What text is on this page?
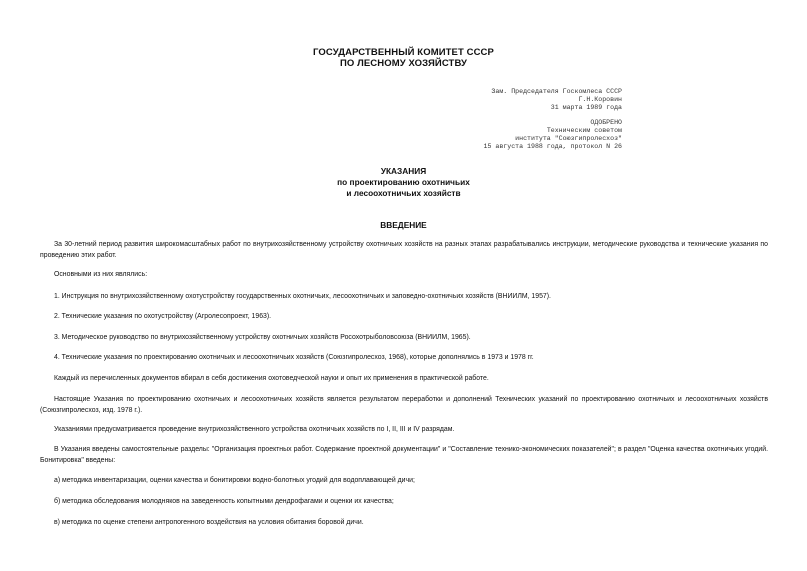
ГОСУДАРСТВЕННЫЙ КОМИТЕТ СССР
ПО ЛЕСНОМУ ХОЗЯЙСТВУ
Зам. Председателя Госкомлеса СССР
Г.Н.Коровин
31 марта 1989 года
ОДОБРЕНО
Техническим советом
института "Союзгипролесхоз"
15 августа 1988 года, протокол N 26
УКАЗАНИЯ
по проектированию охотничьих
и лесоохотничьих хозяйств
ВВЕДЕНИЕ
За 30-летний период развития широкомасштабных работ по внутрихозяйственному устройству охотничьих хозяйств на разных этапах разрабатывались инструкции, методические руководства и технические указания по проведению этих работ.
Основными из них являлись:
1. Инструкция по внутрихозяйственному охотустройству государственных охотничьих, лесоохотничьих и заповедно-охотничьих хозяйств (ВНИИЛМ, 1957).
2. Технические указания по охотустройству (Агролесопроект, 1963).
3. Методическое руководство по внутрихозяйственному устройству охотничьих хозяйств Росохотрыболовсоюза (ВНИИЛМ, 1965).
4. Технические указания по проектированию охотничьих и лесоохотничьих хозяйств (Союзгипролесхоз, 1968), которые дополнялись в 1973 и 1978 гг.
Каждый из перечисленных документов вбирал в себя достижения охотоведческой науки и опыт их применения в практической работе.
Настоящие Указания по проектированию охотничьих и лесоохотничьих хозяйств является результатом переработки и дополнений Технических указаний по проектированию охотничьих и лесоохотничьих хозяйств (Союзгипролесхоз, изд. 1978 г.).
Указаниями предусматривается проведение внутрихозяйственного устройства охотничьих хозяйств по I, II, III и IV разрядам.
В Указания введены самостоятельные разделы: "Организация проектных работ. Содержание проектной документации" и "Составление технико-экономических показателей"; в раздел "Оценка качества охотничьих угодий. Бонитировка" введены:
а) методика инвентаризации, оценки качества и бонитировки водно-болотных угодий для водоплавающей дичи;
б) методика обследования молодняков на заведенность копытными дендрофагами и оценки их качества;
в) методика по оценке степени антропогенного воздействия на условия обитания боровой дичи.
